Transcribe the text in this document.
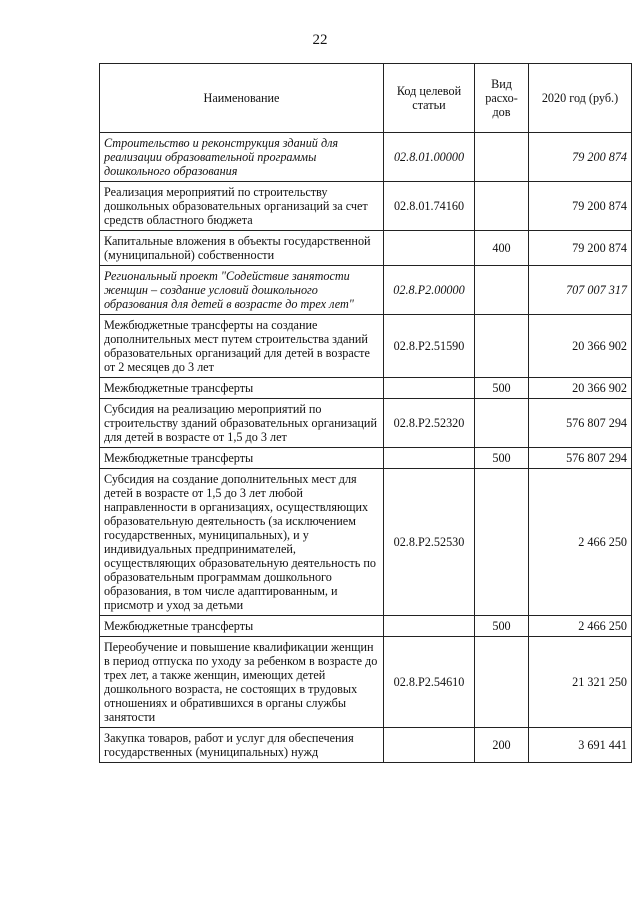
22
Наименование	Код целевой статьи	Вид расхо-дов	2020 год (руб.)
Строительство и реконструкция зданий для реализации образовательной программы дошкольного образования	02.8.01.00000		79 200 874
Реализация мероприятий по строительству дошкольных образовательных организаций за счет средств областного бюджета	02.8.01.74160		79 200 874
Капитальные вложения в объекты государственной (муниципальной) собственности		400	79 200 874
Региональный проект "Содействие занятости женщин – создание условий дошкольного образования для детей в возрасте до трех лет"	02.8.P2.00000		707 007 317
Межбюджетные трансферты на создание дополнительных мест путем строительства зданий образовательных организаций для детей в возрасте от 2 месяцев до 3 лет	02.8.P2.51590		20 366 902
Межбюджетные трансферты		500	20 366 902
Субсидия на реализацию мероприятий по строительству зданий образовательных организаций для детей в возрасте от 1,5 до 3 лет	02.8.P2.52320		576 807 294
Межбюджетные трансферты		500	576 807 294
Субсидия на создание дополнительных мест для детей в возрасте от 1,5 до 3 лет любой направленности в организациях, осуществляющих образовательную деятельность (за исключением государственных, муниципальных), и у индивидуальных предпринимателей, осуществляющих образовательную деятельность по образовательным программам дошкольного образования, в том числе адаптированным, и присмотр и уход за детьми	02.8.P2.52530		2 466 250
Межбюджетные трансферты		500	2 466 250
Переобучение и повышение квалификации женщин в период отпуска по уходу за ребенком в возрасте до трех лет, а также женщин, имеющих детей дошкольного возраста, не состоящих в трудовых отношениях и обратившихся в органы службы занятости	02.8.P2.54610		21 321 250
Закупка товаров, работ и услуг для обеспечения государственных (муниципальных) нужд		200	3 691 441
